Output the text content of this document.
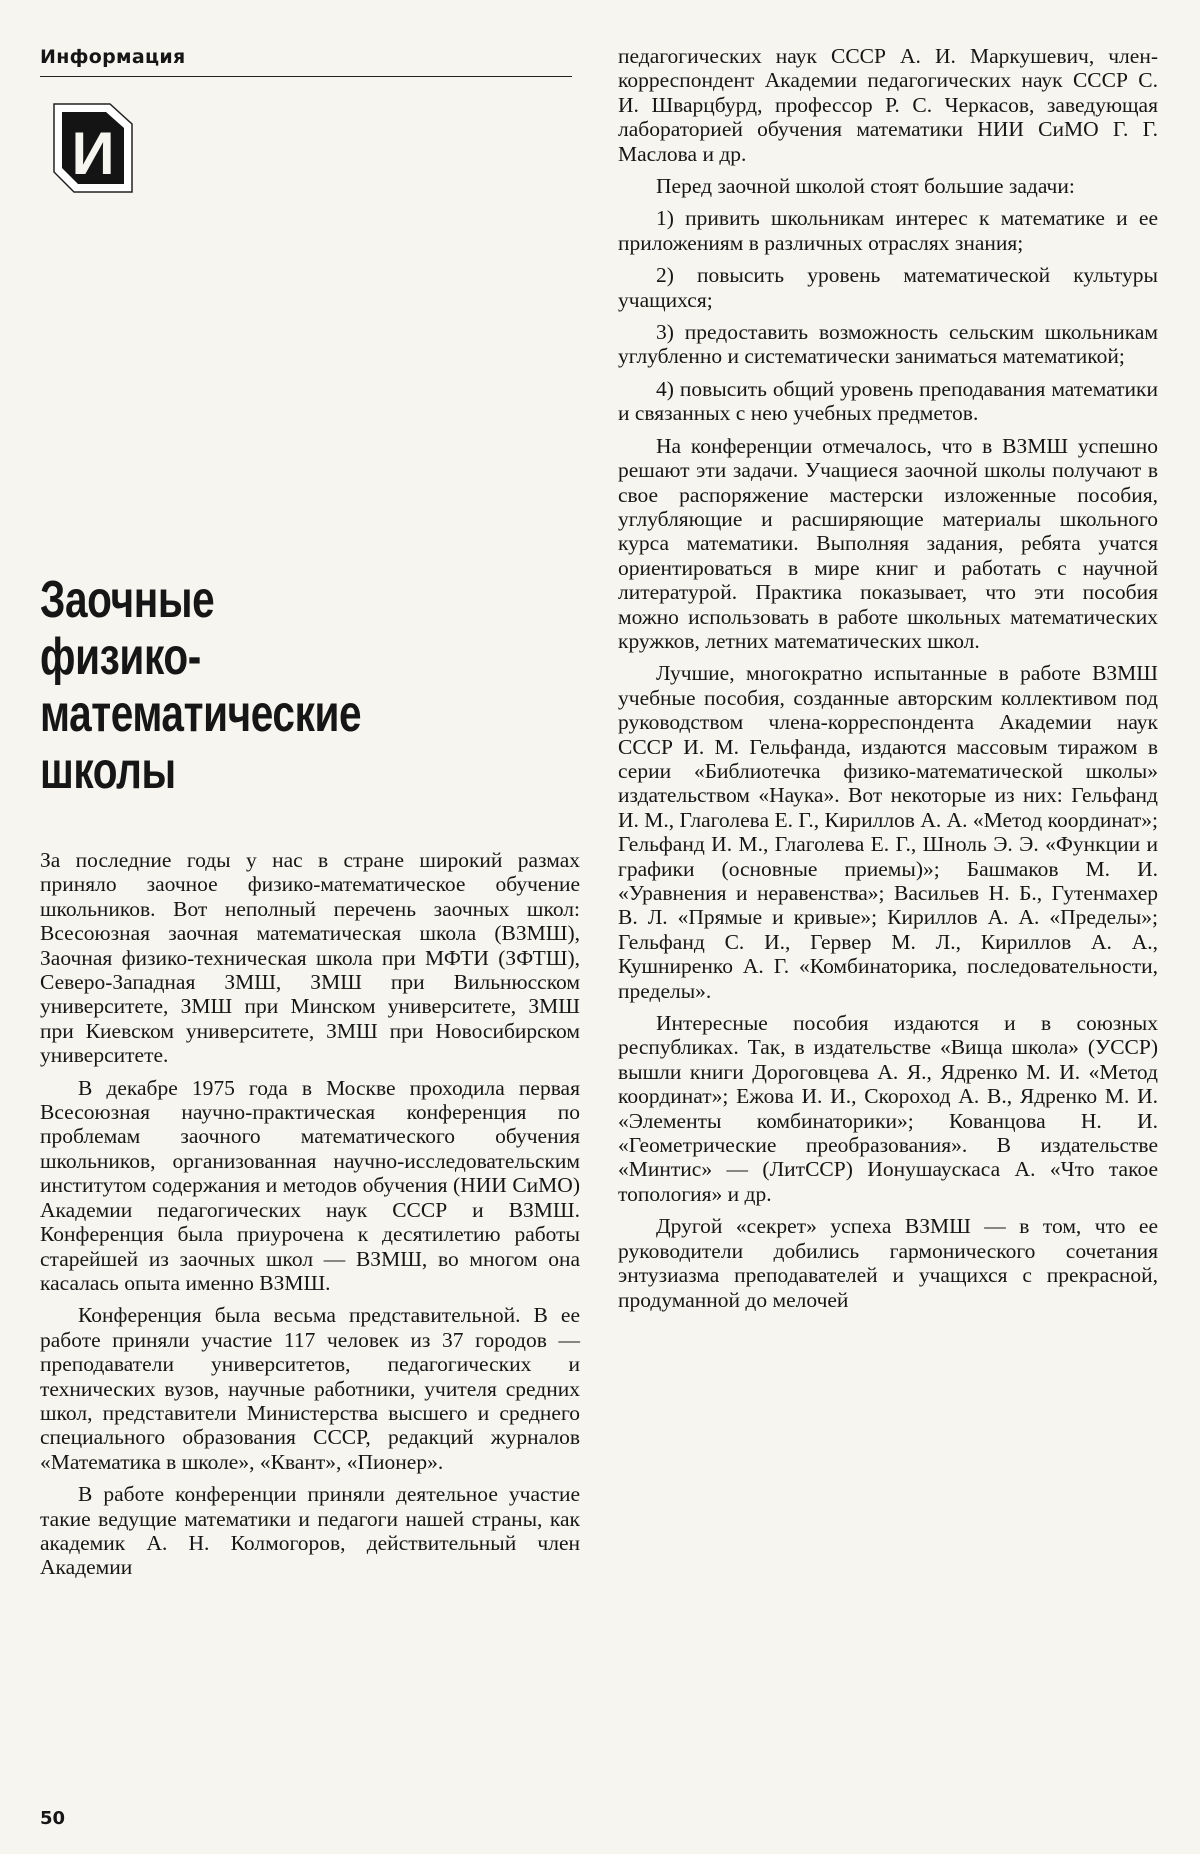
Информация
И
Заочные
физико-
математические
школы

За последние годы у нас в стране широкий размах приняло заочное физико-математическое обучение школьников. Вот неполный перечень заочных школ: Всесоюзная заочная математическая школа (ВЗМШ), Заочная физико-техническая школа при МФТИ (ЗФТШ), Северо-Западная ЗМШ, ЗМШ при Вильнюсском университете, ЗМШ при Минском университете, ЗМШ при Киевском университете, ЗМШ при Новосибирском университете.

В декабре 1975 года в Москве проходила первая Всесоюзная научно-практическая конференция по проблемам заочного математического обучения школьников, организованная научно-исследовательским институтом содержания и методов обучения (НИИ СиМО) Академии педагогических наук СССР и ВЗМШ. Конференция была приурочена к десятилетию работы старейшей из заочных школ — ВЗМШ, во многом она касалась опыта именно ВЗМШ.

Конференция была весьма представительной. В ее работе приняли участие 117 человек из 37 городов — преподаватели университетов, педагогических и технических вузов, научные работники, учителя средних школ, представители Министерства высшего и среднего специального образования СССР, редакций журналов «Математика в школе», «Квант», «Пионер».

В работе конференции приняли деятельное участие такие ведущие математики и педагоги нашей страны, как академик А. Н. Колмогоров, действительный член Академии

педагогических наук СССР А. И. Маркушевич, член-корреспондент Академии педагогических наук СССР С. И. Шварцбурд, профессор Р. С. Черкасов, заведующая лабораторией обучения математики НИИ СиМО Г. Г. Маслова и др.

Перед заочной школой стоят большие задачи:

1) привить школьникам интерес к математике и ее приложениям в различных отраслях знания;

2) повысить уровень математической культуры учащихся;

3) предоставить возможность сельским школьникам углубленно и систематически заниматься математикой;

4) повысить общий уровень преподавания математики и связанных с нею учебных предметов.

На конференции отмечалось, что в ВЗМШ успешно решают эти задачи. Учащиеся заочной школы получают в свое распоряжение мастерски изложенные пособия, углубляющие и расширяющие материалы школьного курса математики. Выполняя задания, ребята учатся ориентироваться в мире книг и работать с научной литературой. Практика показывает, что эти пособия можно использовать в работе школьных математических кружков, летних математических школ.

Лучшие, многократно испытанные в работе ВЗМШ учебные пособия, созданные авторским коллективом под руководством члена-корреспондента Академии наук СССР И. М. Гельфанда, издаются массовым тиражом в серии «Библиотечка физико-математической школы» издательством «Наука». Вот некоторые из них: Гельфанд И. М., Глаголева Е. Г., Кириллов А. А. «Метод координат»; Гельфанд И. М., Глаголева Е. Г., Шноль Э. Э. «Функции и графики (основные приемы)»; Башмаков М. И. «Уравнения и неравенства»; Васильев Н. Б., Гутенмахер В. Л. «Прямые и кривые»; Кириллов А. А. «Пределы»; Гельфанд С. И., Гервер М. Л., Кириллов А. А., Кушниренко А. Г. «Комбинаторика, последовательности, пределы».

Интересные пособия издаются и в союзных республиках. Так, в издательстве «Вища школа» (УССР) вышли книги Дороговцева А. Я., Ядренко М. И. «Метод координат»; Ежова И. И., Скороход А. В., Ядренко М. И. «Элементы комбинаторики»; Кованцова Н. И. «Геометрические преобразования». В издательстве «Минтис» — (ЛитССР) Ионушаускаса А. «Что такое топология» и др.

Другой «секрет» успеха ВЗМШ — в том, что ее руководители добились гармонического сочетания энтузиазма преподавателей и учащихся с прекрасной, продуманной до мелочей

50
